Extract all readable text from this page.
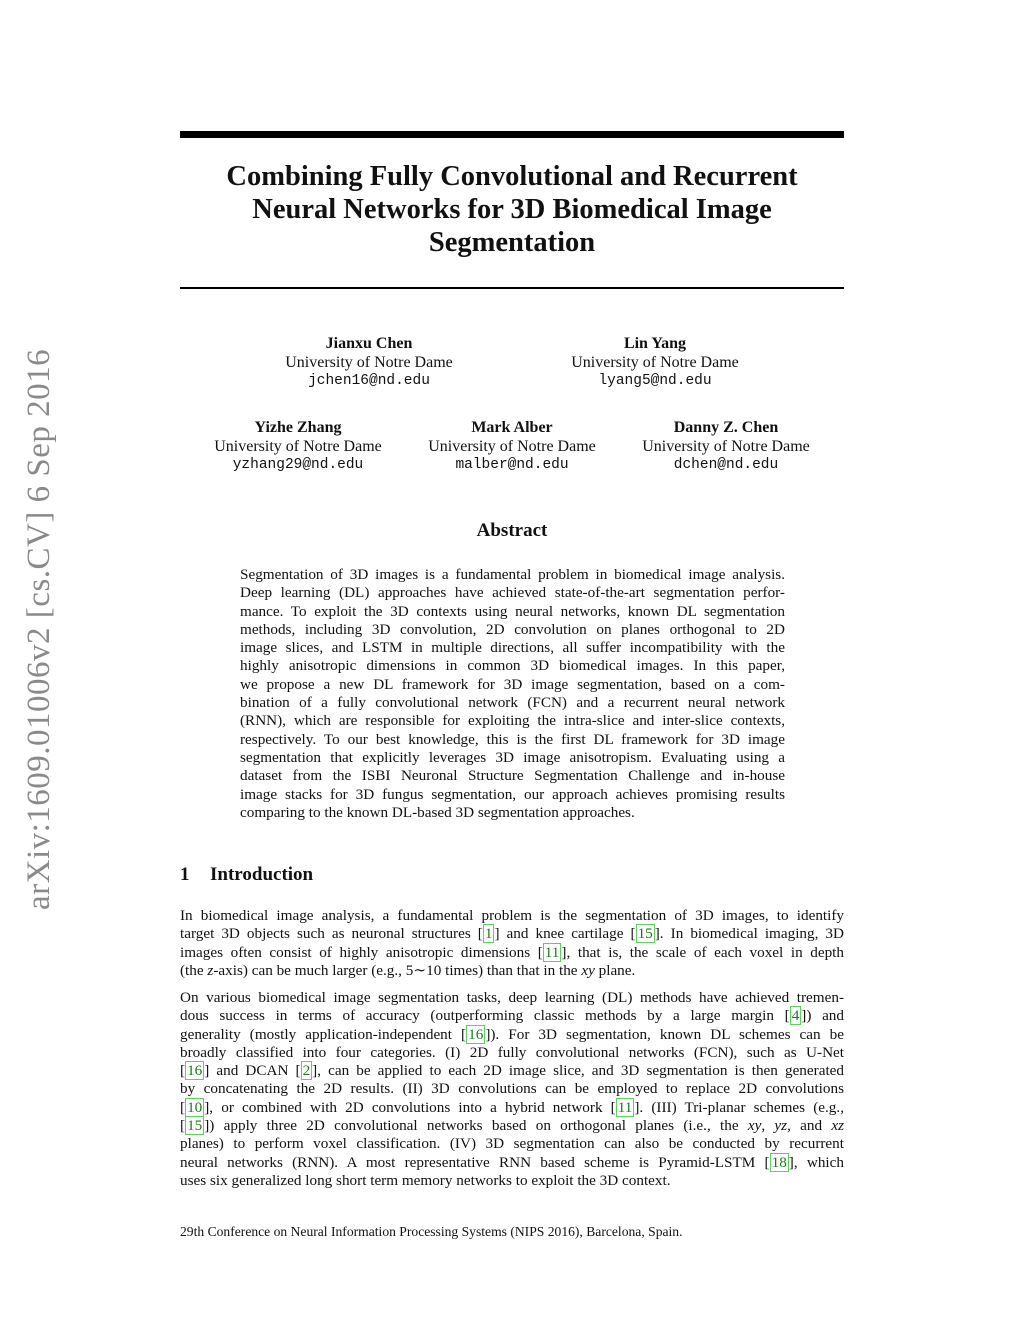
arXiv:1609.01006v2 [cs.CV] 6 Sep 2016
Combining Fully Convolutional and Recurrent
Neural Networks for 3D Biomedical Image
Segmentation
Jianxu Chen
University of Notre Dame
jchen16@nd.edu
Lin Yang
University of Notre Dame
lyang5@nd.edu
Yizhe Zhang
University of Notre Dame
yzhang29@nd.edu
Mark Alber
University of Notre Dame
malber@nd.edu
Danny Z. Chen
University of Notre Dame
dchen@nd.edu
Abstract
Segmentation of 3D images is a fundamental problem in biomedical image analysis.
Deep learning (DL) approaches have achieved state-of-the-art segmentation perfor-
mance. To exploit the 3D contexts using neural networks, known DL segmentation
methods, including 3D convolution, 2D convolution on planes orthogonal to 2D
image slices, and LSTM in multiple directions, all suffer incompatibility with the
highly anisotropic dimensions in common 3D biomedical images. In this paper,
we propose a new DL framework for 3D image segmentation, based on a com-
bination of a fully convolutional network (FCN) and a recurrent neural network
(RNN), which are responsible for exploiting the intra-slice and inter-slice contexts,
respectively. To our best knowledge, this is the first DL framework for 3D image
segmentation that explicitly leverages 3D image anisotropism. Evaluating using a
dataset from the ISBI Neuronal Structure Segmentation Challenge and in-house
image stacks for 3D fungus segmentation, our approach achieves promising results
comparing to the known DL-based 3D segmentation approaches.
1 Introduction
In biomedical image analysis, a fundamental problem is the segmentation of 3D images, to identify
target 3D objects such as neuronal structures [ 1 ] and knee cartilage [ 15 ]. In biomedical imaging, 3D
images often consist of highly anisotropic dimensions [ 11 ], that is, the scale of each voxel in depth
(the z-axis) can be much larger (e.g., 5∼10 times) than that in the xy plane.
On various biomedical image segmentation tasks, deep learning (DL) methods have achieved tremen-
dous success in terms of accuracy (outperforming classic methods by a large margin [ 4 ]) and
generality (mostly application-independent [ 16 ]). For 3D segmentation, known DL schemes can be
broadly classified into four categories. (I) 2D fully convolutional networks (FCN), such as U-Net
[ 16 ] and DCAN [ 2 ], can be applied to each 2D image slice, and 3D segmentation is then generated
by concatenating the 2D results. (II) 3D convolutions can be employed to replace 2D convolutions
[ 10 ], or combined with 2D convolutions into a hybrid network [ 11 ]. (III) Tri-planar schemes (e.g.,
[ 15 ]) apply three 2D convolutional networks based on orthogonal planes (i.e., the xy, yz, and xz
planes) to perform voxel classification. (IV) 3D segmentation can also be conducted by recurrent
neural networks (RNN). A most representative RNN based scheme is Pyramid-LSTM [ 18 ], which
uses six generalized long short term memory networks to exploit the 3D context.
29th Conference on Neural Information Processing Systems (NIPS 2016), Barcelona, Spain.
